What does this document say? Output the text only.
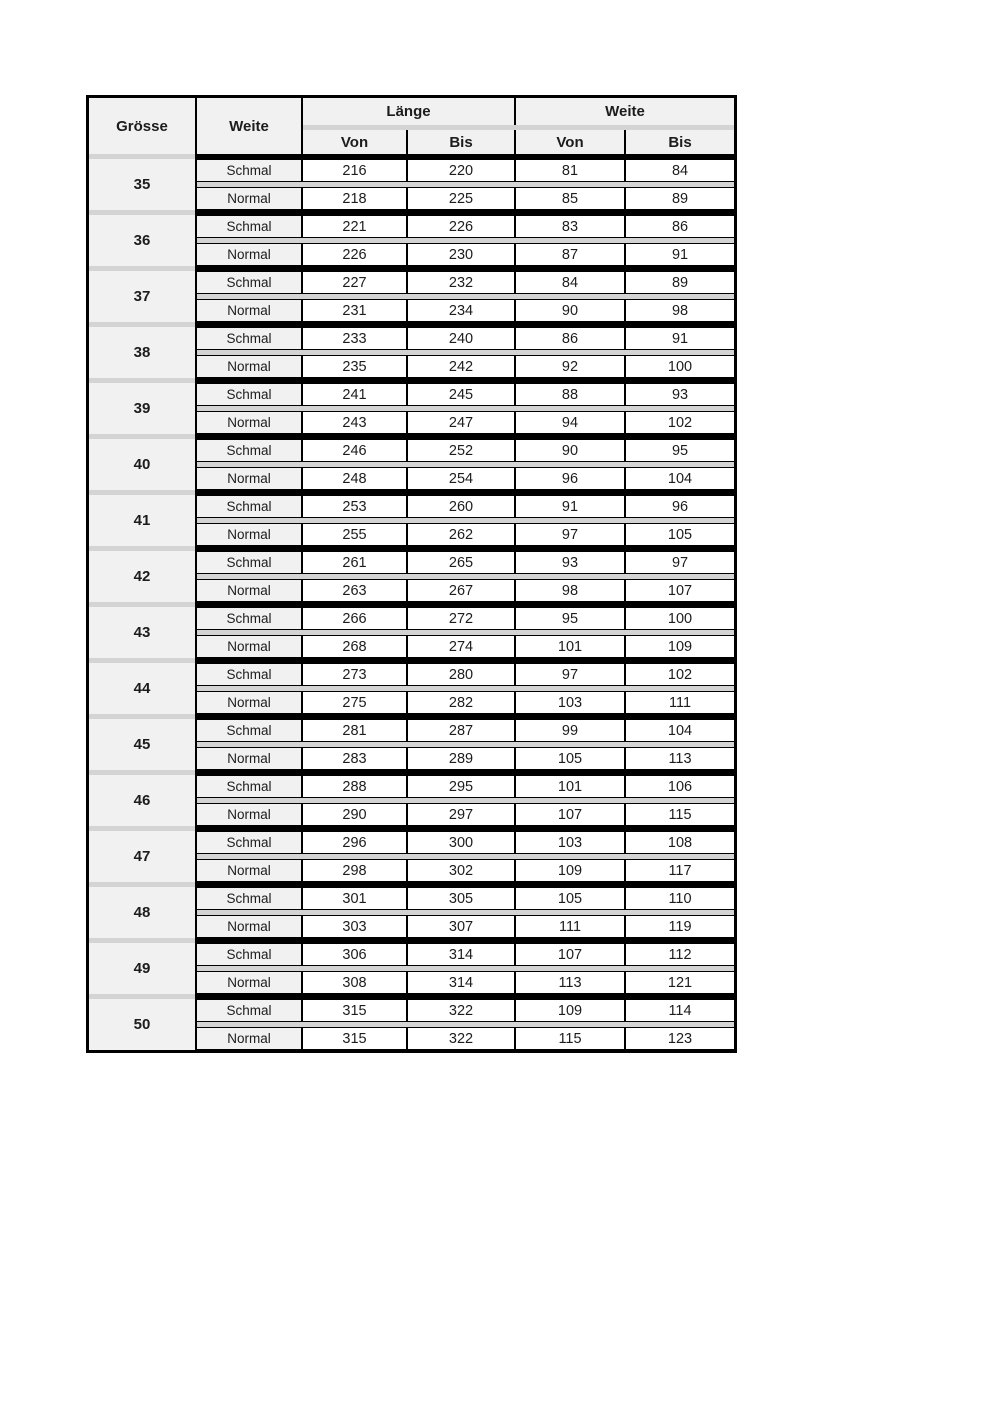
Grösse	Weite	Länge		Weite	

		Von	Bis	Von	Bis

35	Schmal	216	220	81	84

	Normal	218	225	85	89

36	Schmal	221	226	83	86

	Normal	226	230	87	91

37	Schmal	227	232	84	89

	Normal	231	234	90	98

38	Schmal	233	240	86	91

	Normal	235	242	92	100

39	Schmal	241	245	88	93

	Normal	243	247	94	102

40	Schmal	246	252	90	95

	Normal	248	254	96	104

41	Schmal	253	260	91	96

	Normal	255	262	97	105

42	Schmal	261	265	93	97

	Normal	263	267	98	107

43	Schmal	266	272	95	100

	Normal	268	274	101	109

44	Schmal	273	280	97	102

	Normal	275	282	103	111

45	Schmal	281	287	99	104

	Normal	283	289	105	113

46	Schmal	288	295	101	106

	Normal	290	297	107	115

47	Schmal	296	300	103	108

	Normal	298	302	109	117

48	Schmal	301	305	105	110

	Normal	303	307	111	119

49	Schmal	306	314	107	112

	Normal	308	314	113	121

50	Schmal	315	322	109	114

	Normal	315	322	115	123
